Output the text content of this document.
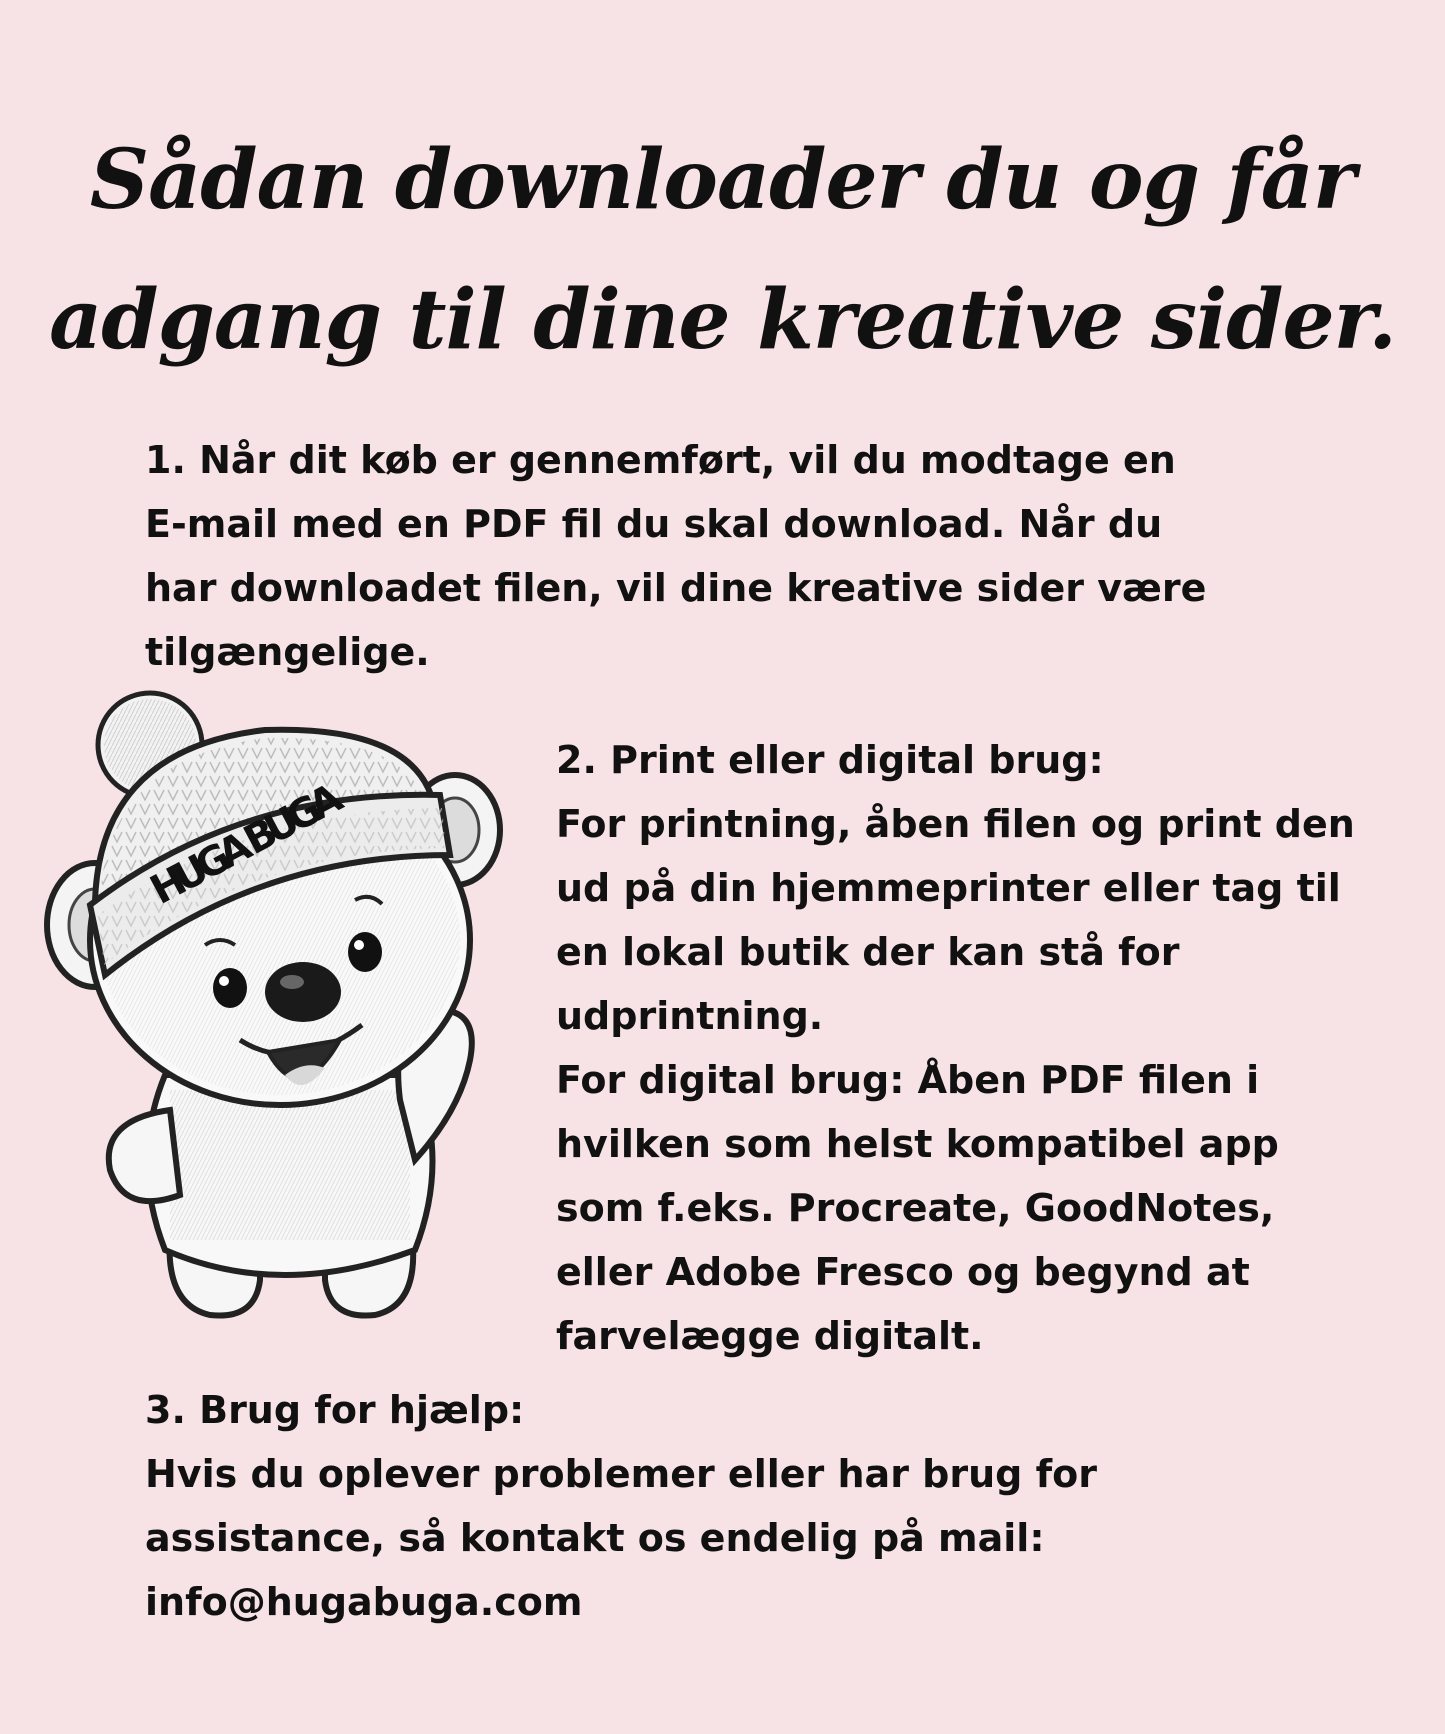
Sådan downloader du og får
adgang til dine kreative sider.
1. Når dit køb er gennemført, vil du modtage en
E-mail med en PDF fil du skal download. Når du
har downloadet filen, vil dine kreative sider være
tilgængelige.
HUGA BUGA
2. Print eller digital brug:
For printning, åben filen og print den
ud på din hjemmeprinter eller tag til
en lokal butik der kan stå for
udprintning.
For digital brug: Åben PDF filen i
hvilken som helst kompatibel app
som f.eks. Procreate, GoodNotes,
eller Adobe Fresco og begynd at
farvelægge digitalt.
3. Brug for hjælp:
Hvis du oplever problemer eller har brug for
assistance, så kontakt os endelig på mail:
info@hugabuga.com
